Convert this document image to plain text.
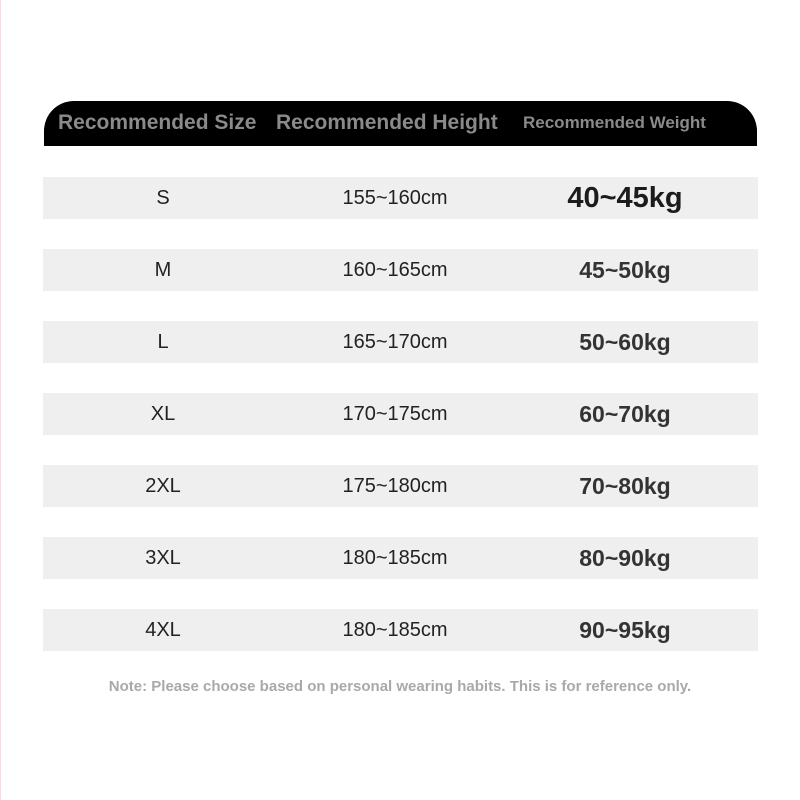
Recommended Size Recommended Height Recommended Weight
S	155~160cm	40~45kg
M	160~165cm	45~50kg
L	165~170cm	50~60kg
XL	170~175cm	60~70kg
2XL	175~180cm	70~80kg
3XL	180~185cm	80~90kg
4XL	180~185cm	90~95kg
Note: Please choose based on personal wearing habits. This is for reference only.
